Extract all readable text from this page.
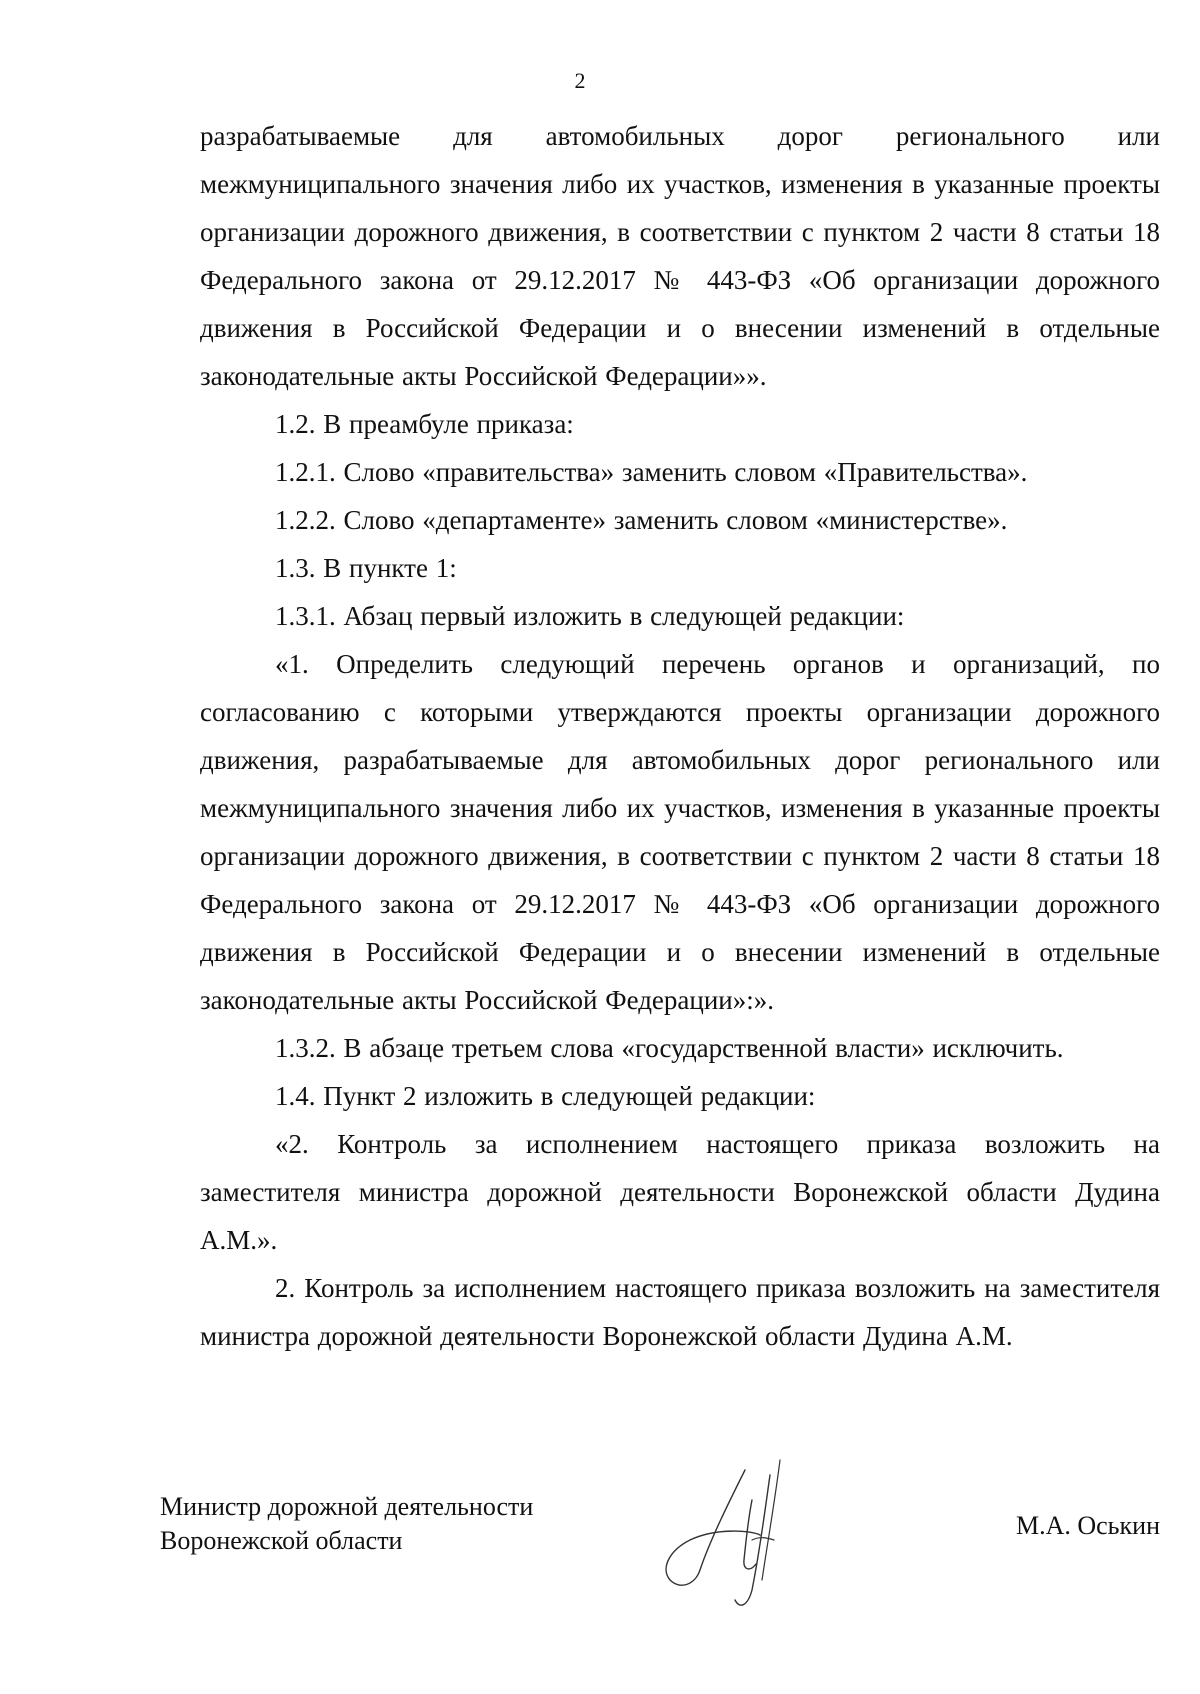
2

разрабатываемые для автомобильных дорог регионального или межмуниципального значения либо их участков, изменения в указанные проекты организации дорожного движения, в соответствии с пунктом 2 части 8 статьи 18 Федерального закона от 29.12.2017 № 443-ФЗ «Об организации дорожного движения в Российской Федерации и о внесении изменений в отдельные законодательные акты Российской Федерации»».

1.2. В преамбуле приказа:

1.2.1. Слово «правительства» заменить словом «Правительства».

1.2.2. Слово «департаменте» заменить словом «министерстве».

1.3. В пункте 1:

1.3.1. Абзац первый изложить в следующей редакции:

«1. Определить следующий перечень органов и организаций, по согласованию с которыми утверждаются проекты организации дорожного движения, разрабатываемые для автомобильных дорог регионального или межмуниципального значения либо их участков, изменения в указанные проекты организации дорожного движения, в соответствии с пунктом 2 части 8 статьи 18 Федерального закона от 29.12.2017 № 443-ФЗ «Об организации дорожного движения в Российской Федерации и о внесении изменений в отдельные законодательные акты Российской Федерации»:».

1.3.2. В абзаце третьем слова «государственной власти» исключить.

1.4. Пункт 2 изложить в следующей редакции:

«2. Контроль за исполнением настоящего приказа возложить на заместителя министра дорожной деятельности Воронежской области Дудина А.М.».

2. Контроль за исполнением настоящего приказа возложить на заместителя министра дорожной деятельности Воронежской области Дудина А.М.

Министр дорожной деятельности
Воронежской области
М.А. Оськин
